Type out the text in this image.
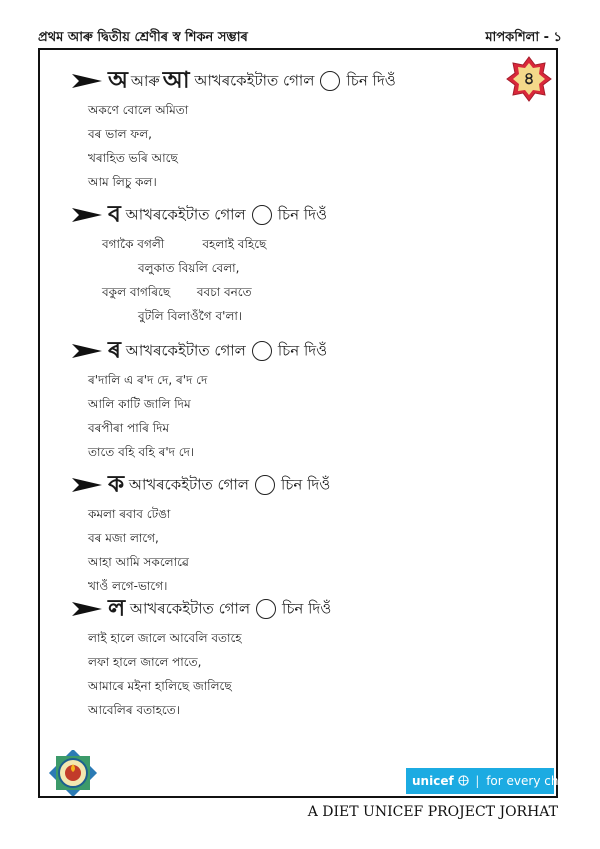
প্ৰথম আৰু দ্বিতীয় শ্ৰেণীৰ স্ব শিকন সম্ভাৰ	মাপকশিলা - ১
৪
অআৰু আ আখৰকেইটাত গোল চিন দিওঁ
অকণে বোলে অমিতা
বৰ ভাল ফল,
খৰাহিত ভৰি আছে
আম লিচু কল।
ব আখৰকেইটাত গোল চিন দিওঁ
বগাকৈ বগলী          বহলাই বহিছে
বলুকাত বিয়লি বেলা,
বকুল বাগৰিছে       ববচা বনতে
বুটলি বিলাওঁগৈ ব'লা।
ৰ আখৰকেইটাত গোল চিন দিওঁ
ৰ'দালি এ ৰ'দ দে, ৰ'দ দে
আলি কাটি জালি দিম
বৰপীৰা পাৰি দিম
তাতে বহি বহি ৰ'দ দে।
ক আখৰকেইটাত গোল চিন দিওঁ
কমলা ৰবাব টেঙা
বৰ মজা লাগে,
আহা আমি সকলোৱে
খাওঁ লগে-ভাগে।
ল আখৰকেইটাত গোল চিন দিওঁ
লাই হালে জালে আবেলি বতাহে
লফা হালে জালে পাতে,
আমাৰে মইনা হালিছে জালিছে
আবেলিৰ বতাহতে।
unicef | for every child
A DIET UNICEF PROJECT JORHAT
